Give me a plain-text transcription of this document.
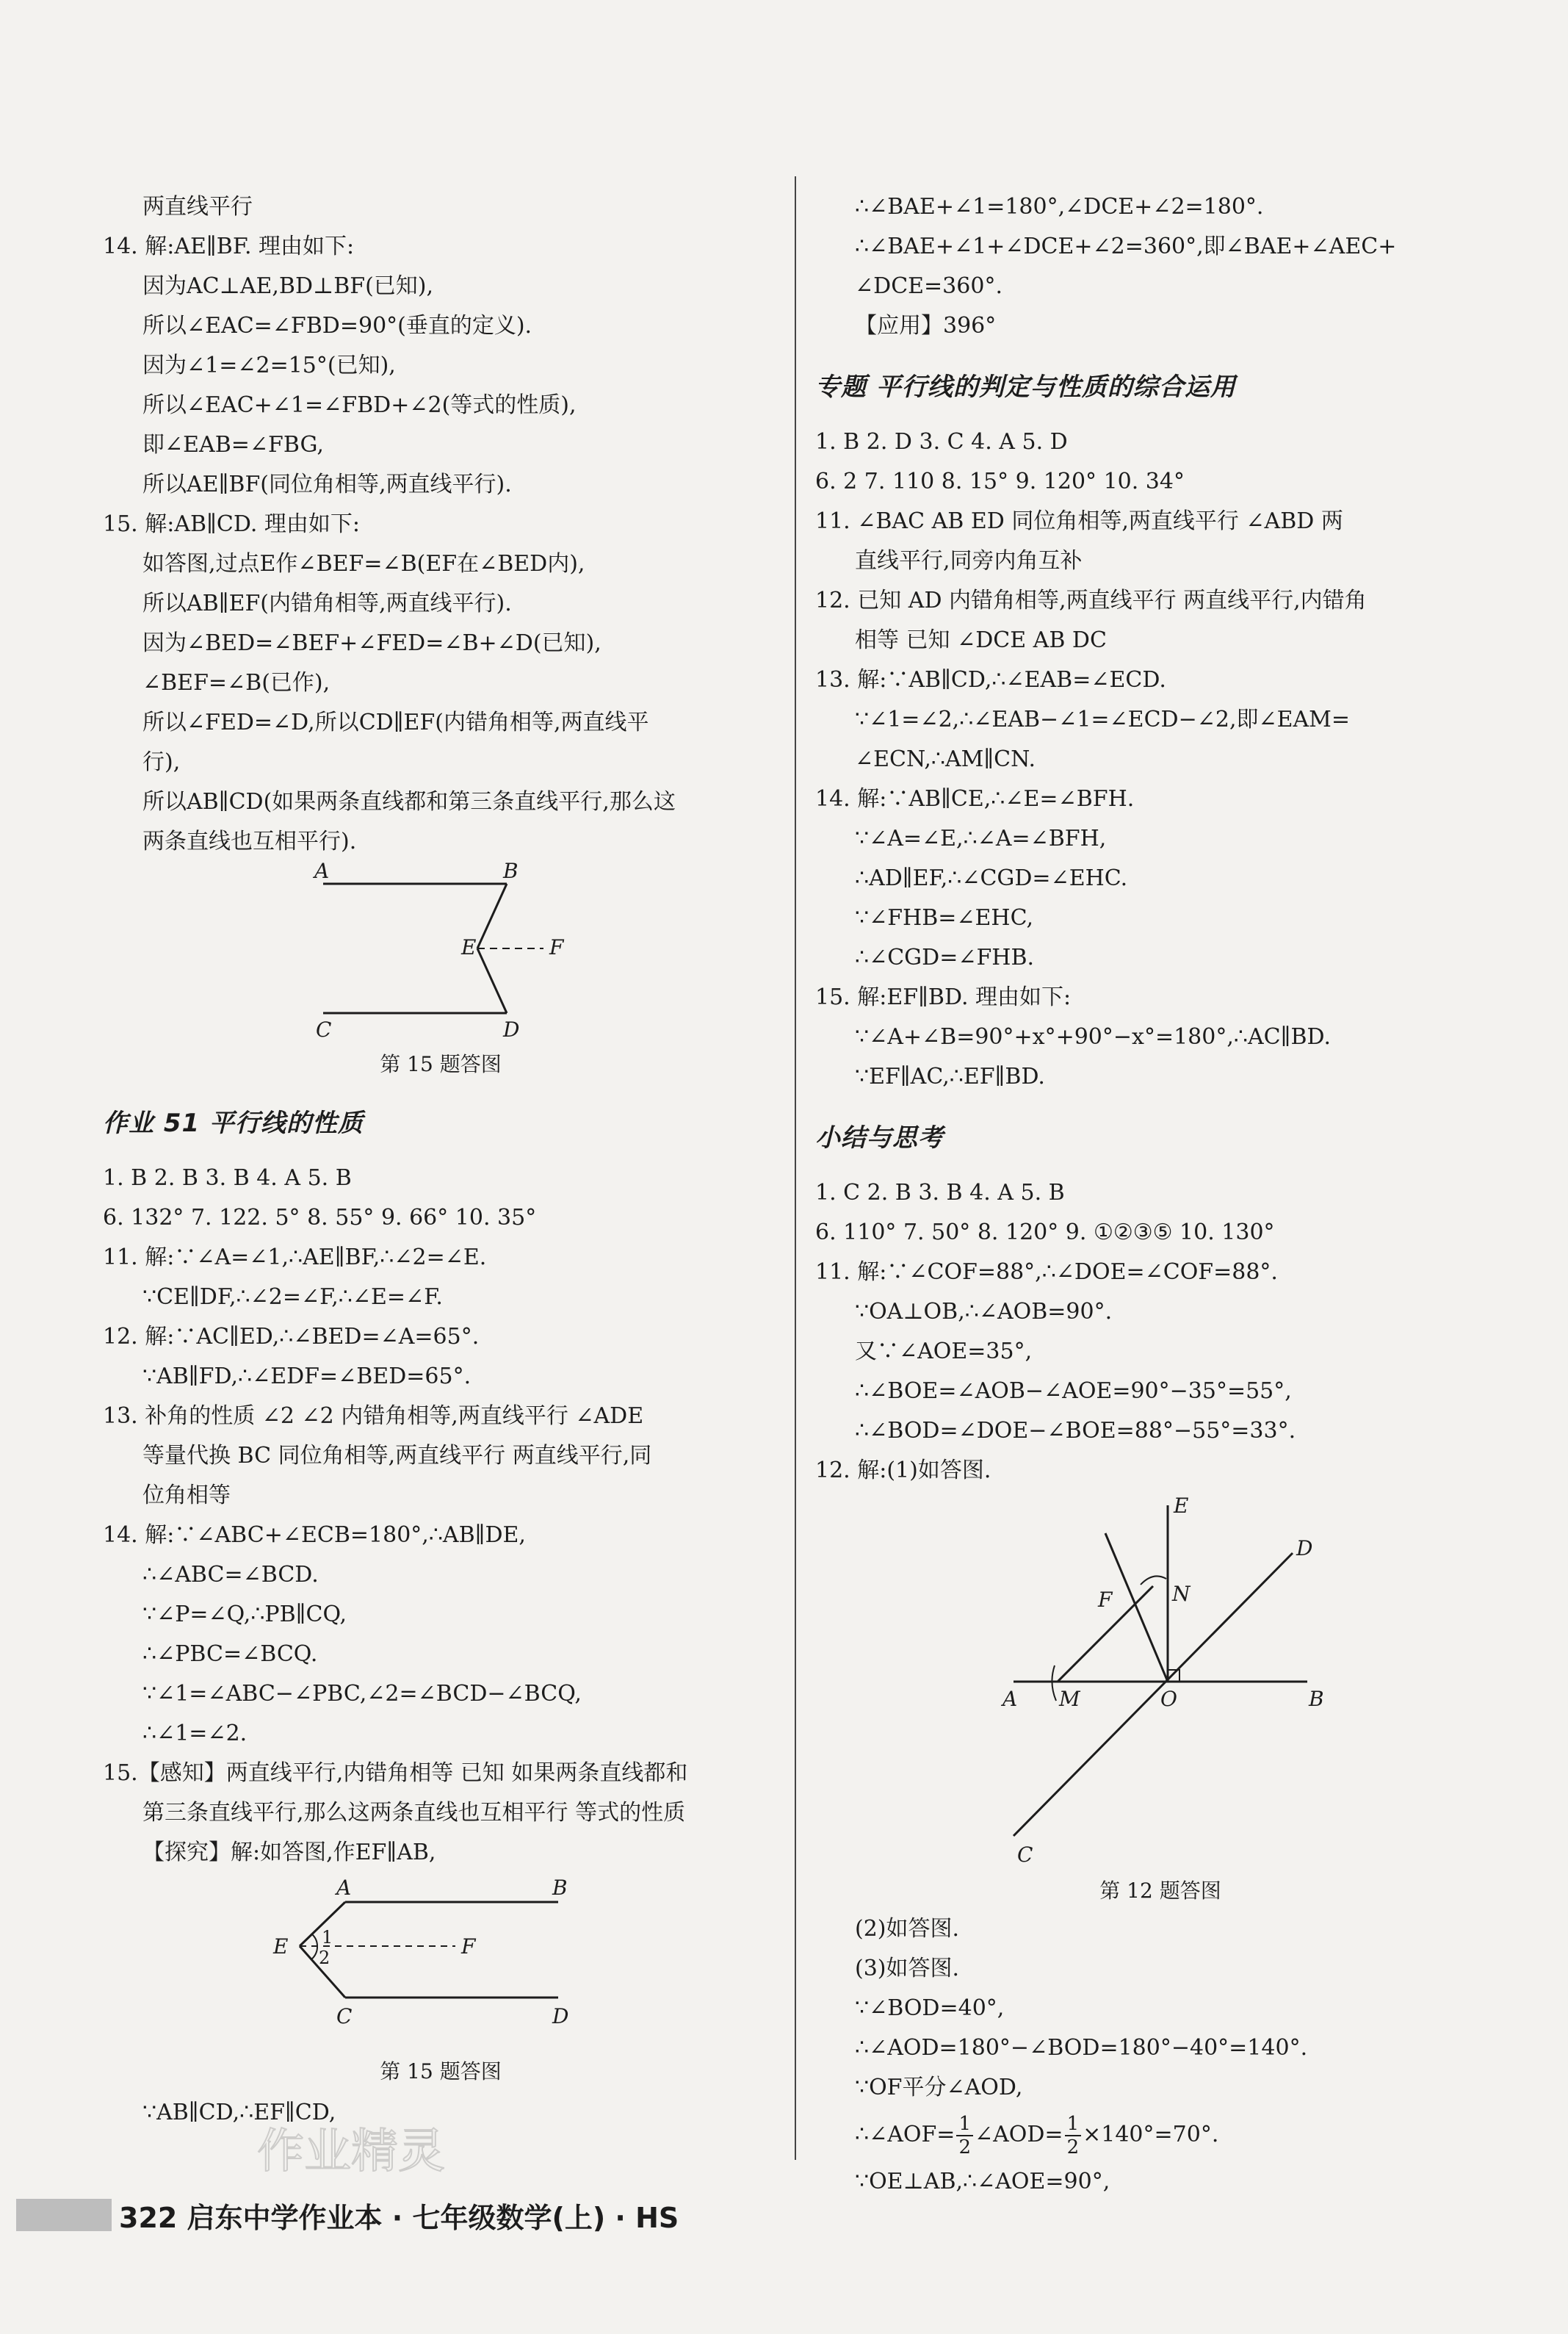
两直线平行
14. 解:AE∥BF. 理由如下:
因为AC⊥AE,BD⊥BF(已知),
所以∠EAC=∠FBD=90°(垂直的定义).
因为∠1=∠2=15°(已知),
所以∠EAC+∠1=∠FBD+∠2(等式的性质),
即∠EAB=∠FBG,
所以AE∥BF(同位角相等,两直线平行).
15. 解:AB∥CD. 理由如下:
如答图,过点E作∠BEF=∠B(EF在∠BED内),
所以AB∥EF(内错角相等,两直线平行).
因为∠BED=∠BEF+∠FED=∠B+∠D(已知),
∠BEF=∠B(已作),
所以∠FED=∠D,所以CD∥EF(内错角相等,两直线平
行),
所以AB∥CD(如果两条直线都和第三条直线平行,那么这
两条直线也互相平行).
A	B
E	F
C	D
第 15 题答图
作业 51 平行线的性质
1. B 2. B 3. B 4. A 5. B
6. 132° 7. 122. 5° 8. 55° 9. 66° 10. 35°
11. 解:∵∠A=∠1,∴AE∥BF,∴∠2=∠E.
∵CE∥DF,∴∠2=∠F,∴∠E=∠F.
12. 解:∵AC∥ED,∴∠BED=∠A=65°.
∵AB∥FD,∴∠EDF=∠BED=65°.
13. 补角的性质 ∠2 ∠2 内错角相等,两直线平行 ∠ADE
等量代换 BC 同位角相等,两直线平行 两直线平行,同
位角相等
14. 解:∵∠ABC+∠ECB=180°,∴AB∥DE,
∴∠ABC=∠BCD.
∵∠P=∠Q,∴PB∥CQ,
∴∠PBC=∠BCQ.
∵∠1=∠ABC−∠PBC,∠2=∠BCD−∠BCQ,
∴∠1=∠2.
15.【感知】两直线平行,内错角相等 已知 如果两条直线都和
第三条直线平行,那么这两条直线也互相平行 等式的性质
【探究】解:如答图,作EF∥AB,
A	B
E	F
C	D
1
2
第 15 题答图
∵AB∥CD,∴EF∥CD,
∴∠BAE+∠1=180°,∠DCE+∠2=180°.
∴∠BAE+∠1+∠DCE+∠2=360°,即∠BAE+∠AEC+
∠DCE=360°.
【应用】396°
专题 平行线的判定与性质的综合运用
1. B 2. D 3. C 4. A 5. D
6. 2 7. 110 8. 15° 9. 120° 10. 34°
11. ∠BAC AB ED 同位角相等,两直线平行 ∠ABD 两
直线平行,同旁内角互补
12. 已知 AD 内错角相等,两直线平行 两直线平行,内错角
相等 已知 ∠DCE AB DC
13. 解:∵AB∥CD,∴∠EAB=∠ECD.
∵∠1=∠2,∴∠EAB−∠1=∠ECD−∠2,即∠EAM=
∠ECN,∴AM∥CN.
14. 解:∵AB∥CE,∴∠E=∠BFH.
∵∠A=∠E,∴∠A=∠BFH,
∴AD∥EF,∴∠CGD=∠EHC.
∵∠FHB=∠EHC,
∴∠CGD=∠FHB.
15. 解:EF∥BD. 理由如下:
∵∠A+∠B=90°+x°+90°−x°=180°,∴AC∥BD.
∵EF∥AC,∴EF∥BD.
小结与思考
1. C 2. B 3. B 4. A 5. B
6. 110° 7. 50° 8. 120° 9. ①②③⑤ 10. 130°
11. 解:∵∠COF=88°,∴∠DOE=∠COF=88°.
∵OA⊥OB,∴∠AOB=90°.
又∵∠AOE=35°,
∴∠BOE=∠AOB−∠AOE=90°−35°=55°,
∴∠BOD=∠DOE−∠BOE=88°−55°=33°.
12. 解:(1)如答图.
E
D
F	N
A M	O	B
C
第 12 题答图
(2)如答图.
(3)如答图.
∵∠BOD=40°,
∴∠AOD=180°−∠BOD=180°−40°=140°.
∵OF平分∠AOD,
∴∠AOF= $\frac{1}{2}$ ∠AOD= $\frac{1}{2} \times 140^\circ=70^\circ$.
∵OE⊥AB,∴∠AOE=90°,
322 启东中学作业本 · 七年级数学(上) · HS
作业精灵
